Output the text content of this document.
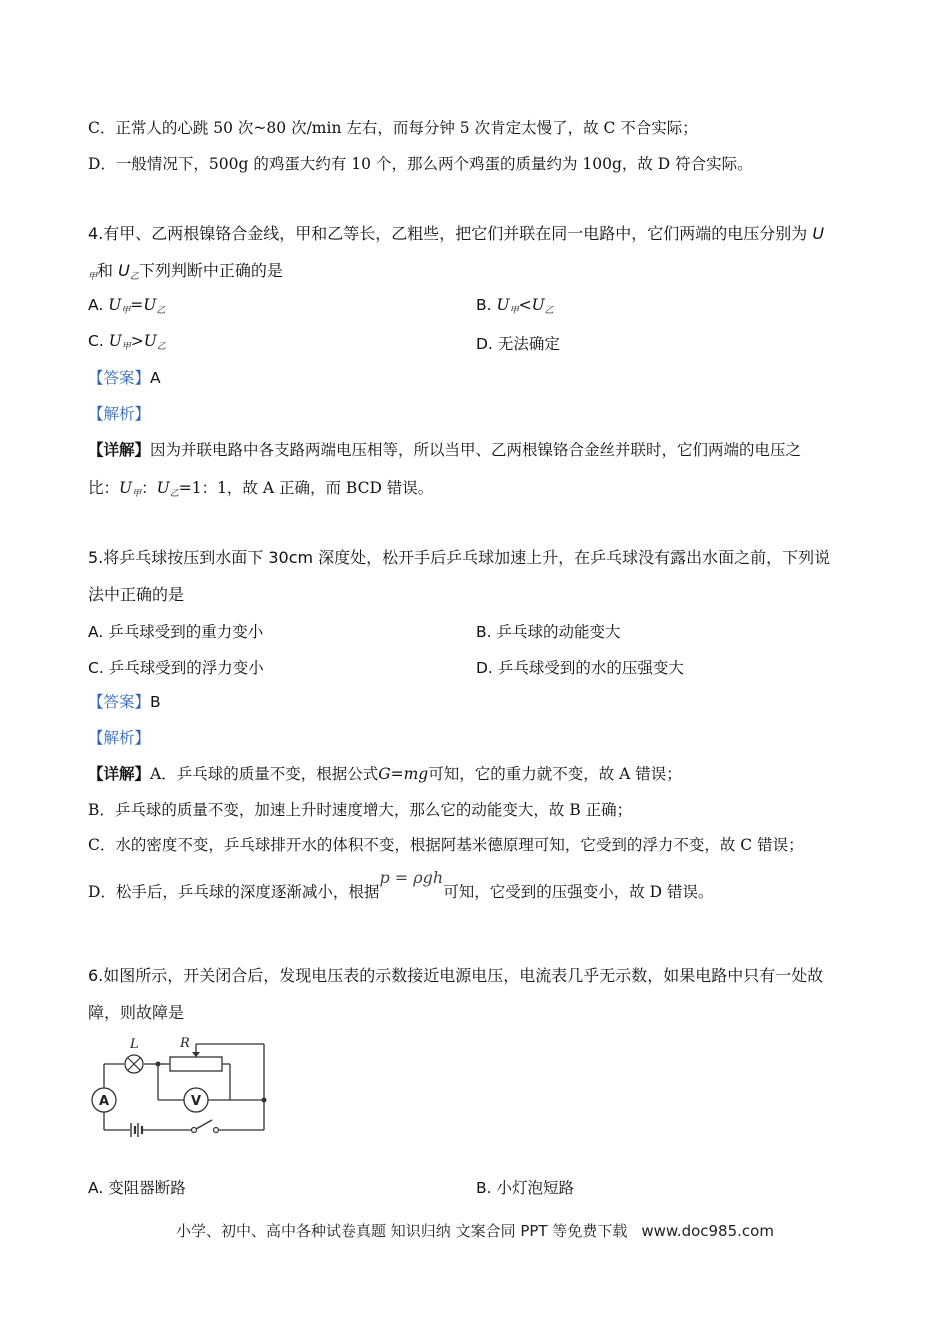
C．正常人的心跳 50 次~80 次/min 左右，而每分钟 5 次肯定太慢了，故 C 不合实际；
D．一般情况下，500g 的鸡蛋大约有 10 个，那么两个鸡蛋的质量约为 100g，故 D 符合实际。
4.有甲、乙两根镍铬合金线，甲和乙等长，乙粗些，把它们并联在同一电路中，它们两端的电压分别为 U
$_甲$和 $U_乙$下列判断中正确的是
A. $U_甲=U_乙$	B. $U_甲<U_乙$
C. $U_甲>U_乙$	D. 无法确定
【答案】A
【解析】
【详解】因为并联电路中各支路两端电压相等，所以当甲、乙两根镍铬合金丝并联时，它们两端的电压之
比：$U_甲$：$U_乙=1$：1，故 A 正确，而 BCD 错误。
5.将乒乓球按压到水面下 30cm 深度处，松开手后乒乓球加速上升，在乒乓球没有露出水面之前，下列说
法中正确的是
A. 乒乓球受到的重力变小	B. 乒乓球的动能变大
C. 乒乓球受到的浮力变小	D. 乒乓球受到的水的压强变大
【答案】B
【解析】
【详解】A．乒乓球的质量不变，根据公式G=mg可知，它的重力就不变，故 A 错误；
B．乒乓球的质量不变，加速上升时速度增大，那么它的动能变大，故 B 正确；
C．水的密度不变，乒乓球排开水的体积不变，根据阿基米德原理可知，它受到的浮力不变，故 C 错误；
D．松手后，乒乓球的深度逐渐减小，根据p = ρgh可知，它受到的压强变小，故 D 错误。
6.如图所示，开关闭合后，发现电压表的示数接近电源电压，电流表几乎无示数，如果电路中只有一处故
障，则故障是
A	V
L	R
A. 变阻器断路	B. 小灯泡短路
小学、初中、高中各种试卷真题 知识归纳 文案合同 PPT 等免费下载 www.doc985.com
